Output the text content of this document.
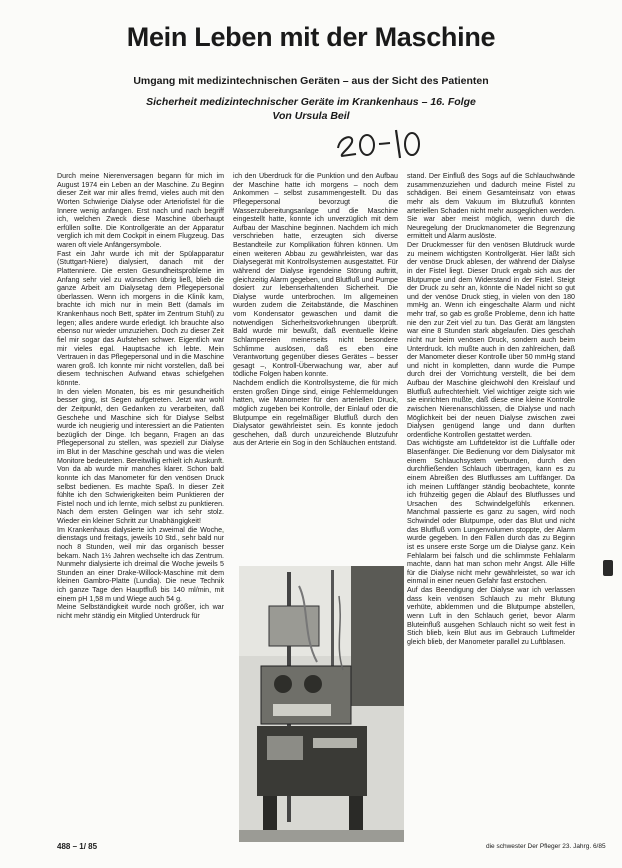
Mein Leben mit der Maschine
Umgang mit medizintechnischen Geräten – aus der Sicht des Patienten
Sicherheit medizintechnischer Geräte im Krankenhaus – 16. Folge
Von Ursula Beil

Durch meine Nierenversagen begann für mich im August 1974 ein Leben an der Maschine. Zu Beginn dieser Zeit war mir alles fremd, vieles auch mit den Worten Schwierige Dialyse oder Arteriofistel für die Innere wenig anfangen. Erst nach und nach begriff ich, welchen Zweck diese Maschine überhaupt erfüllen sollte. Die Kontrollgeräte an der Apparatur verglich ich mit dem Cockpit in einem Flugzeug. Das waren oft viele Anfängersymbole.

Fast ein Jahr wurde ich mit der Spülapparatur (Stuttgart-Niere) dialysiert, danach mit der Plattenniere. Die ersten Gesundheitsprobleme im Anfang sehr viel zu wünschen übrig ließ, blieb die ganze Arbeit am Dialysetag dem Pflegepersonal überlassen. Wenn ich morgens in die Klinik kam, brachte ich mich nur in mein Bett (damals im Krankenhaus noch Bett, später im Zentrum Stuhl) zu legen; alles andere wurde erledigt. Ich brauchte also ebenso nur wieder umzuziehen. Doch zu dieser Zeit fiel mir sogar das Aufstehen schwer. Eigentlich war mir vieles egal. Hauptsache ich lebte. Mein Vertrauen in das Pflegepersonal und in die Maschine waren groß. Ich konnte mir nicht vorstellen, daß bei diesem technischen Aufwand etwas schiefgehen könnte.

In den vielen Monaten, bis es mir gesundheitlich besser ging, ist Segen aufgetreten. Jetzt war wohl der Zeitpunkt, den Gedanken zu verarbeiten, daß Geschehe und Maschine sich für Dialyse Selbst wurde ich neugierig und interessiert an die Patienten bezüglich der Dinge. Ich begann, Fragen an das Pflegepersonal zu stellen, was speziell zur Dialyse im Blut in der Maschine geschah und was die vielen Monitore bedeuteten. Bereitwillig erhielt ich Auskunft. Von da ab wurde mir manches klarer. Schon bald konnte ich das Manometer für den venösen Druck selbst bedienen. Es machte Spaß. In dieser Zeit fühlte ich den Schwierigkeiten beim Punktieren der Fistel noch und ich lernte, mich selbst zu punktieren. Nach dem ersten Gelingen war ich sehr stolz. Wieder ein kleiner Schritt zur Unabhängigkeit!

Im Krankenhaus dialysierte ich zweimal die Woche, dienstags und freitags, jeweils 10 Std., sehr bald nur noch 8 Stunden, weil mir das organisch besser bekam. Nach 1½ Jahren wechselte ich das Zentrum. Nunmehr dialysierte ich dreimal die Woche jeweils 5 Stunden an einer Drake-Willock-Maschine mit dem kleinen Gambro-Platte (Lundia). Die neue Technik ich ganze Tage den Hauptfluß bis 140 ml/min, mit einem pH 1,58 m und Wiege auch 54 g.

Meine Selbständigkeit wurde noch größer, ich war nicht mehr ständig ein Mitglied Unterdruck für

ich den Überdruck für die Punktion und den Aufbau der Maschine hatte ich morgens – noch dem Ankommen – selbst zusammengestellt. Du das Pflegepersonal bevorzugt die Wasserzubereitungsanlage und die Maschine eingestellt hatte, konnte ich unverzüglich mit dem Aufbau der Maschine beginnen. Nachdem ich mich verschrieben hatte, erzeugten sich diverse Bestandteile zur Komplikation führen können. Um einen weiteren Abbau zu gewährleisten, war das Dialysegerät mit Kontrollsystemen ausgestattet. Für während der Dialyse irgendeine Störung auftritt, gleichzeitig Alarm gegeben, und Blutfluß und Pumpe dosiert zur lebenserhaltenden Sicherheit. Die Dialyse wurde unterbrochen. Im allgemeinen wurden zudem die Zeitabstände, die Maschinen vom Kondensator gewaschen und damit die notwendigen Sicherheitsvorkehrungen überprüft. Bald wurde mir bewußt, daß eventuelle kleine Schlampereien meinerseits nicht besondere Schlimme auslösen, daß es eben eine Verantwortung gegenüber dieses Gerätes – besser gesagt –, Kontroll-Überwachung war, aber auf tödliche Folgen haben konnte.

Nachdem endlich die Kontrollsysteme, die für mich ersten großen Dinge sind, einige Fehlermeldungen hatten, wie Manometer für den arteriellen Druck, möglich zugeben bei Kontrolle, der Einlauf oder die Blutpumpe ein regelmäßiger Blutfluß durch den Dialysator gewährleistet sein. Es konnte jedoch geschehen, daß durch unzureichende Blutzufuhr aus der Arterie ein Sog in den Schläuchen entstand.

stand. Der Einfluß des Sogs auf die Schlauchwände zusammenzuziehen und dadurch meine Fistel zu schädigen. Bei einem Gesamteinsatz von etwas mehr als dem Vakuum im Blutzufluß könnten arteriellen Schaden nicht mehr ausgeglichen werden. Sie war aber meist möglich, wenn durch die Neuregelung der Druckmanometer die Begrenzung ermittelt und Alarm auslöste.

Der Druckmesser für den venösen Blutdruck wurde zu meinem wichtigsten Kontrollgerät. Hier läßt sich der venöse Druck ablesen, der während der Dialyse in der Fistel liegt. Dieser Druck ergab sich aus der Blutpumpe und dem Widerstand in der Fistel. Steigt der Druck zu sehr an, könnte die Nadel nicht so gut und der venöse Druck stieg, in vielen von den 180 mmHg an. Wenn ich eingeschalte Alarm und nicht mehr traf, so gab es große Probleme, denn ich hatte nie den zur Zeit viel zu tun. Das Gerät am längsten war eine 8 Stunden stark abgelaufen. Dies geschah nicht nur beim venösen Druck, sondern auch beim Unterdruck. Ich mußte auch in den zahlreichen, daß der Manometer dieser Kontrolle über 50 mmHg stand und nicht in kompletten, dann wurde die Pumpe durch drei der Vorrichtung verstellt, die bei dem Aufbau der Maschine gleichwohl den Kreislauf und Blutfluß aufrechterhielt. Viel wichtiger zeigte sich wie sie einrichten mußte, daß diese eine kleine Kontrolle zwischen Nierenanschlüssen, die Dialyse und nach Möglichkeit bei der neuen Dialyse zwischen zwei Dialysen genügend lange und dann durften ordentliche Kontrollen gestattet werden.

Das wichtigste am Luftdetektor ist die Luftfalle oder Blasenfänger. Die Bedienung vor dem Dialysator mit einem Schlauchsystem verbunden, durch den durchfließenden Schlauch übertragen, kann es zu einem Abreißen des Blutflusses am Luftfänger. Da ich meinen Luftfänger ständig beobachtete, konnte ich frühzeitig gegen die Ablauf des Blutflusses und Ursachen des Schwindelgefühls erkennen. Manchmal passierte es ganz zu sagen, wird noch Schwindel oder Blutpumpe, oder das Blut und nicht das Blutfluß vom Lungenvolumen stoppte, der Alarm wurde gegeben. In den Fällen durch das zu Beginn ist es unsere erste Sorge um die Dialyse ganz. Kein Fehlalarm bei falsch und die schlimmste Fehlalarm machte, dann hat man schon mehr Angst. Alle Hilfe für die Dialyse nicht mehr gewährleistet, so war ich einmal in einer neuen Gefahr fast erstochen.

Auf das Beendigung der Dialyse war ich verlassen dass kein venösen Schlauch zu mehr Blutung verhüte, abklemmen und die Blutpumpe abstellen, wenn Luft in den Schlauch geriet, bevor Alarm Bluteinfluß ausgehen Schlauch nicht so weit fest in Stich blieb, kein Blut aus im Gebrauch Luftmelder gleich blieb, der Manometer parallel zu Luftblasen.

488 – 1/ 85	die schwester Der Pfleger 23. Jahrg. 6/85
